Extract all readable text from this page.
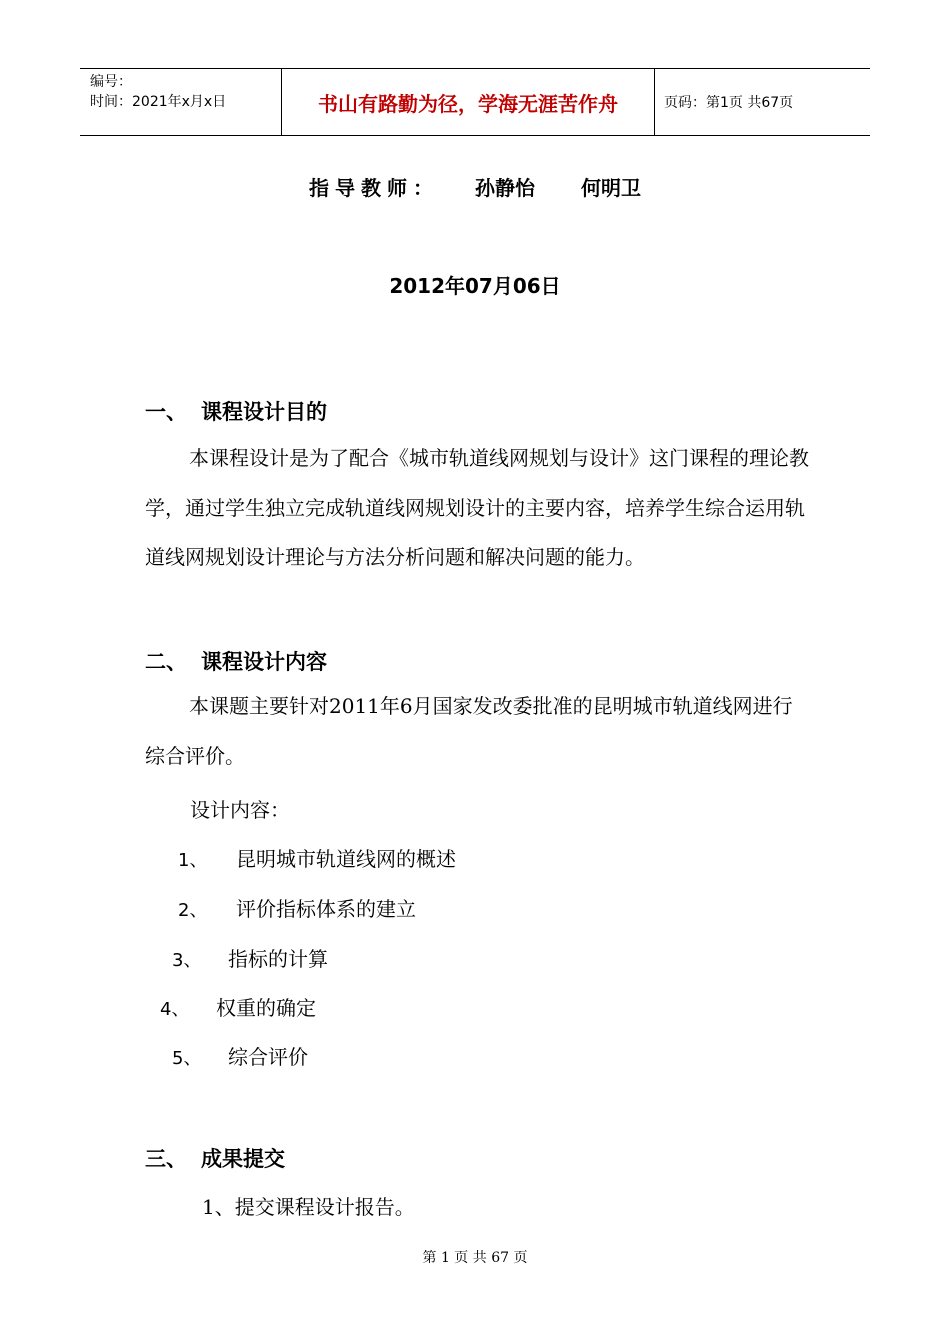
编号：
时间：2021年x月x日	书山有路勤为径，学海无涯苦作舟	页码：第1页 共67页
指导教师： 孙静怡 何明卫
2012年07月06日
一、 课程设计目的
本课程设计是为了配合《城市轨道线网规划与设计》这门课程的理论教学，通过学生独立完成轨道线网规划设计的主要内容，培养学生综合运用轨道线网规划设计理论与方法分析问题和解决问题的能力。
二、 课程设计内容
本课题主要针对2011年6月国家发改委批准的昆明城市轨道线网进行综合评价。
设计内容：
1、 昆明城市轨道线网的概述
2、 评价指标体系的建立
3、 指标的计算
4、 权重的确定
5、 综合评价
三、 成果提交
1、提交课程设计报告。
第 1 页 共 67 页
